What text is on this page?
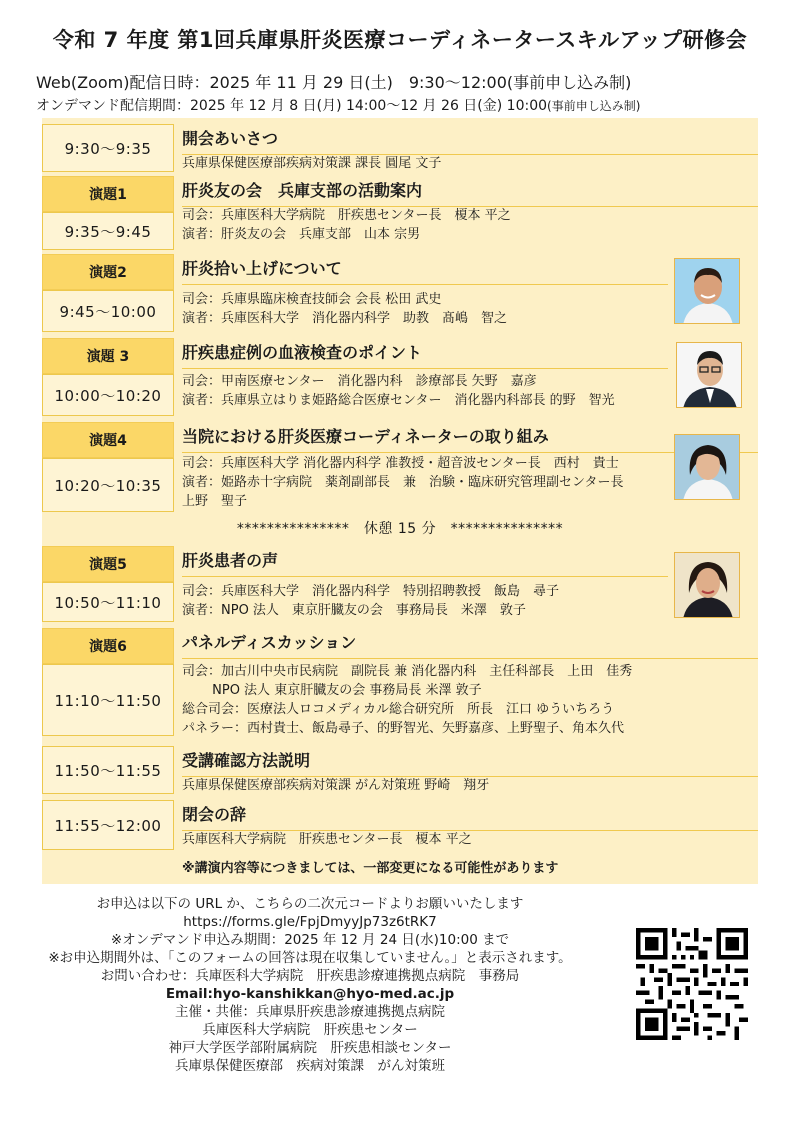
令和 7 年度 第1回兵庫県肝炎医療コーディネータースキルアップ研修会
Web(Zoom)配信日時：2025 年 11 月 29 日(土)　9:30～12:00(事前申し込み制)
オンデマンド配信期間：2025 年 12 月 8 日(月) 14:00～12 月 26 日(金) 10:00(事前申し込み制)
9:30～9:35
開会あいさつ
兵庫県保健医療部疾病対策課 課長 圓尾 文子
演題1
9:35～9:45
肝炎友の会　兵庫支部の活動案内
司会：兵庫医科大学病院　肝疾患センター長　榎本 平之
演者：肝炎友の会　兵庫支部　山本 宗男
演題2
9:45～10:00
肝炎拾い上げについて
司会：兵庫県臨床検査技師会 会長 松田 武史
演者：兵庫医科大学　消化器内科学　助教　髙嶋　智之
演題 3
10:00～10:20
肝疾患症例の血液検査のポイント
司会：甲南医療センター　消化器内科　診療部長 矢野　嘉彦
演者：兵庫県立はりま姫路総合医療センター　消化器内科部長 的野　智光
演題4
10:20～10:35
当院における肝炎医療コーディネーターの取り組み
司会：兵庫医科大学 消化器内科学 准教授・超音波センター長　西村　貴士
演者：姫路赤十字病院　薬剤副部長　兼　治験・臨床研究管理副センター長
上野　聖子
***************　休憩 15 分　***************
演題5
10:50～11:10
肝炎患者の声
司会：兵庫医科大学　消化器内科学　特別招聘教授　飯島　尋子
演者：NPO 法人　東京肝臓友の会　事務局長　米澤　敦子
演題6
11:10～11:50
パネルディスカッション
司会：加古川中央市民病院　副院長 兼 消化器内科　主任科部長　上田　佳秀
　　 NPO 法人 東京肝臓友の会 事務局長 米澤 敦子
総合司会：医療法人ロコメディカル総合研究所　所長　江口 ゆういちろう
パネラー：西村貴士、飯島尋子、的野智光、矢野嘉彦、上野聖子、角本久代
11:50～11:55
受講確認方法説明
兵庫県保健医療部疾病対策課 がん対策班 野崎　翔牙
11:55～12:00
閉会の辞
兵庫医科大学病院　肝疾患センター長　榎本 平之
※講演内容等につきましては、一部変更になる可能性があります
お申込は以下の URL か、こちらの二次元コードよりお願いいたします
https://forms.gle/FpjDmyyJp73z6tRK7
※オンデマンド申込み期間：2025 年 12 月 24 日(水)10:00 まで
※お申込期間外は、「このフォームの回答は現在収集していません。」と表示されます。
お問い合わせ：兵庫医科大学病院　肝疾患診療連携拠点病院　事務局
Email:hyo-kanshikkan@hyo-med.ac.jp
主催・共催：兵庫県肝疾患診療連携拠点病院
兵庫医科大学病院　肝疾患センター
神戸大学医学部附属病院　肝疾患相談センター
兵庫県保健医療部　疾病対策課　がん対策班
